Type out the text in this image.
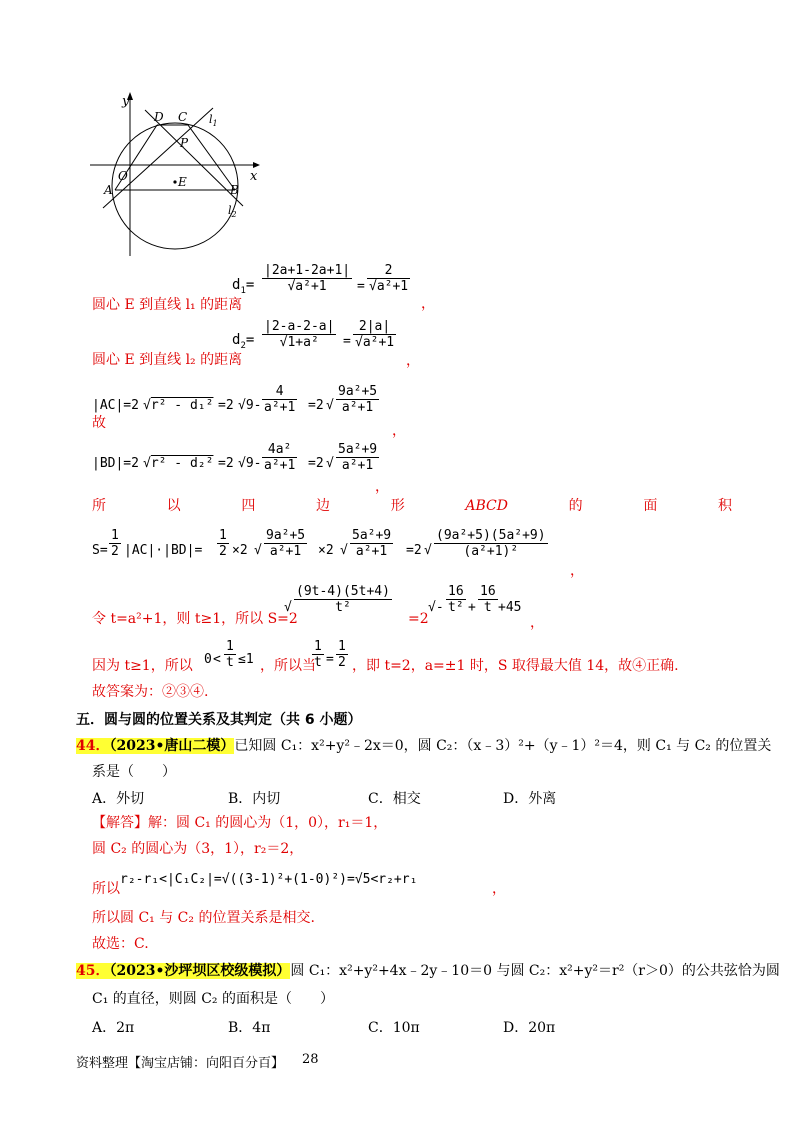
y
x
D C
P
O
A	B
E
$l_1$
$l_2$
圆心 E 到直线 l₁ 的距离
$d_1= \frac{|2a+1-2a+1|}{\text{√a²+1}} = \frac{2}{\text{√a²+1}}$
，
圆心 E 到直线 l₂ 的距离
$d_2= \frac{|2-a-2-a|}{\text{√1+a²}} = \frac{2|a|}{\text{√a²+1}}$
，
故
|AC|=2 √r² - d₁² =2 $√9- \frac{4}{\text{a²+1}} =2$ √ $\frac{\text{9a²+5}}{\text{a²+1}}$
，
|BD|=2 √r² - d₂² =2 $√9- \frac{\text{4a²}}{\text{a²+1}} =2$ √ $\frac{\text{5a²+9}}{\text{a²+1}}$
，
所	以	四	边	形	ABCD	的	面	积
$S= \frac{1}{2} |AC|\cdot|BD|= \frac{1}{2} \times 2$ √ $\frac{\text{9a²+5}}{\text{a²+1}} \times 2$ √ $\frac{\text{5a²+9}}{\text{a²+1}} =2$ √ $\frac{\text{(9a²+5)(5a²+9)}}{\text{(a²+1)²}}$
，
令 t=a²+1，则 t≥1，所以 S=2
√ $\frac{(9t-4)(5t+4)}{\text{t²}}$
=2
√- $\frac{16}{\text{t²}} + \frac{16}{t} +45$
，
因为 t≥1，所以 $0 < \frac{1}{t} \le 1$ ，所以当
$\frac{1}{t} = \frac{1}{2}$ ，即 t=2，a=±1 时，S 取得最大值 14，故④正确.
故答案为：②③④.
五．圆与圆的位置关系及其判定（共 6 小题）
44．（2023•唐山二模）已知圆 C₁：x²+y²﹣2x＝0，圆 C₂：（x﹣3）²+（y﹣1）²＝4，则 C₁ 与 C₂ 的位置关
系是（　　）
A．外切	B．内切	C．相交	D．外离
【解答】解：圆 C₁ 的圆心为（1，0），r₁＝1，
圆 C₂ 的圆心为（3，1），r₂＝2，
所以
r₂-r₁<|C₁C₂|=√((3-1)²+(1-0)²)=√5<r₂+r₁
，
所以圆 C₁ 与 C₂ 的位置关系是相交.
故选：C.
45．（2023•沙坪坝区校级模拟）圆 C₁：x²+y²+4x﹣2y﹣10＝0 与圆 C₂：x²+y²＝r²（r＞0）的公共弦恰为圆
C₁ 的直径，则圆 C₂ 的面积是（　　）
A．2π	B．4π	C．10π	D．20π
资料整理【淘宝店铺：向阳百分百】 28
